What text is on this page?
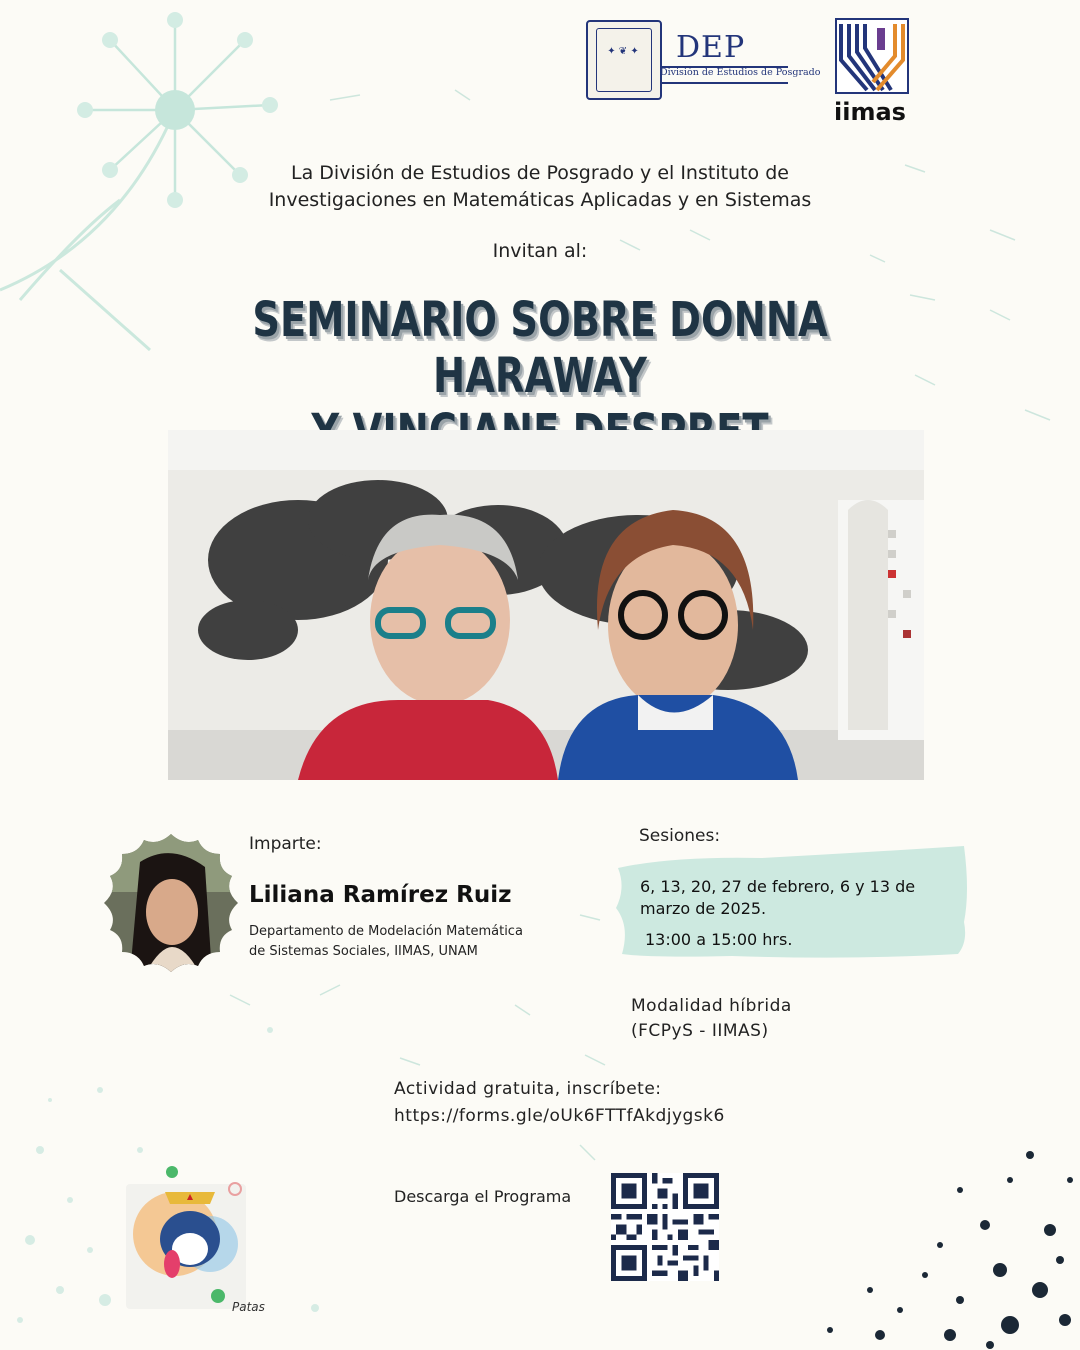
✦ ❦ ✦ DEP
División de Estudios de Posgrado
iimas
La División de Estudios de Posgrado y el Instituto de
Investigaciones en Matemáticas Aplicadas y en Sistemas
Invitan al:
SEMINARIO SOBRE DONNA HARAWAY
Imparte:
Liliana Ramírez Ruiz
Departamento de Modelación Matemática
de Sistemas Sociales, IIMAS, UNAM
Sesiones:
6, 13, 20, 27 de febrero, 6 y 13 de
marzo de 2025.
13:00 a 15:00 hrs.
Modalidad híbrida
(FCPyS - IIMAS)
Actividad gratuita, inscríbete:
https://forms.gle/oUk6FTTfAkdjygsk6
Descarga el Programa
Patas
